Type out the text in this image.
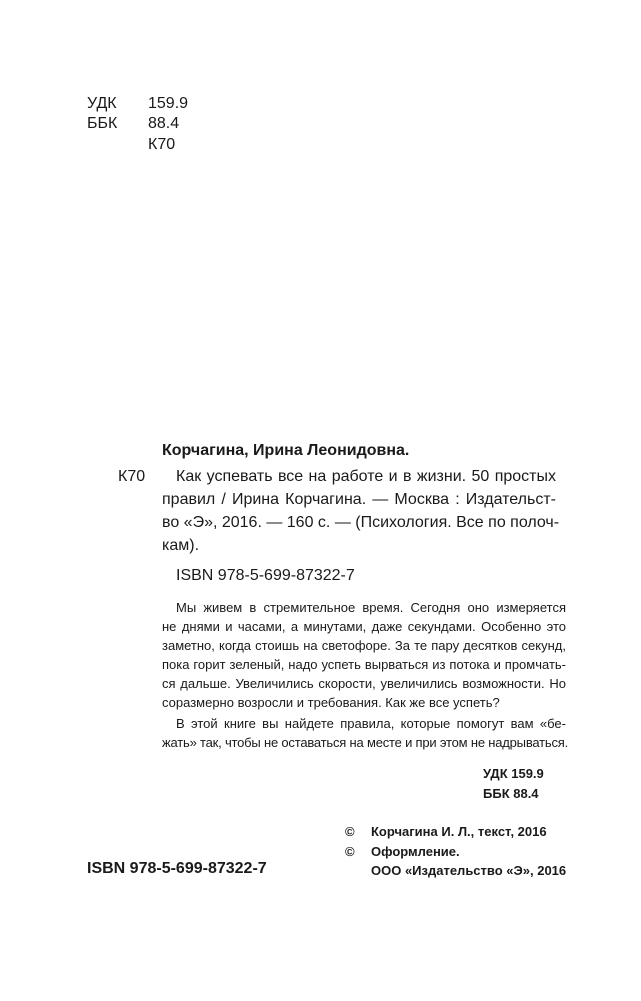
УДК 159.9
ББК 88.4
К70
Корчагина, Ирина Леонидовна.
К70 Как успевать все на работе и в жизни. 50 простых
правил / Ирина Корчагина. — Москва : Издательст-
во «Э», 2016. — 160 с. — (Психология. Все по полоч-
кам).
ISBN 978-5-699-87322-7
Мы живем в стремительное время. Сегодня оно измеряется
не днями и часами, а минутами, даже секундами. Особенно это
заметно, когда стоишь на светофоре. За те пару десятков секунд,
пока горит зеленый, надо успеть вырваться из потока и промчать-
ся дальше. Увеличились скорости, увеличились возможности. Но
соразмерно возросли и требования. Как же все успеть?
В этой книге вы найдете правила, которые помогут вам «бе-
жать» так, чтобы не оставаться на месте и при этом не надрываться.
УДК 159.9
ББК 88.4
ISBN 978-5-699-87322-7
© Корчагина И. Л., текст, 2016
© Оформление.
ООО «Издательство «Э», 2016
